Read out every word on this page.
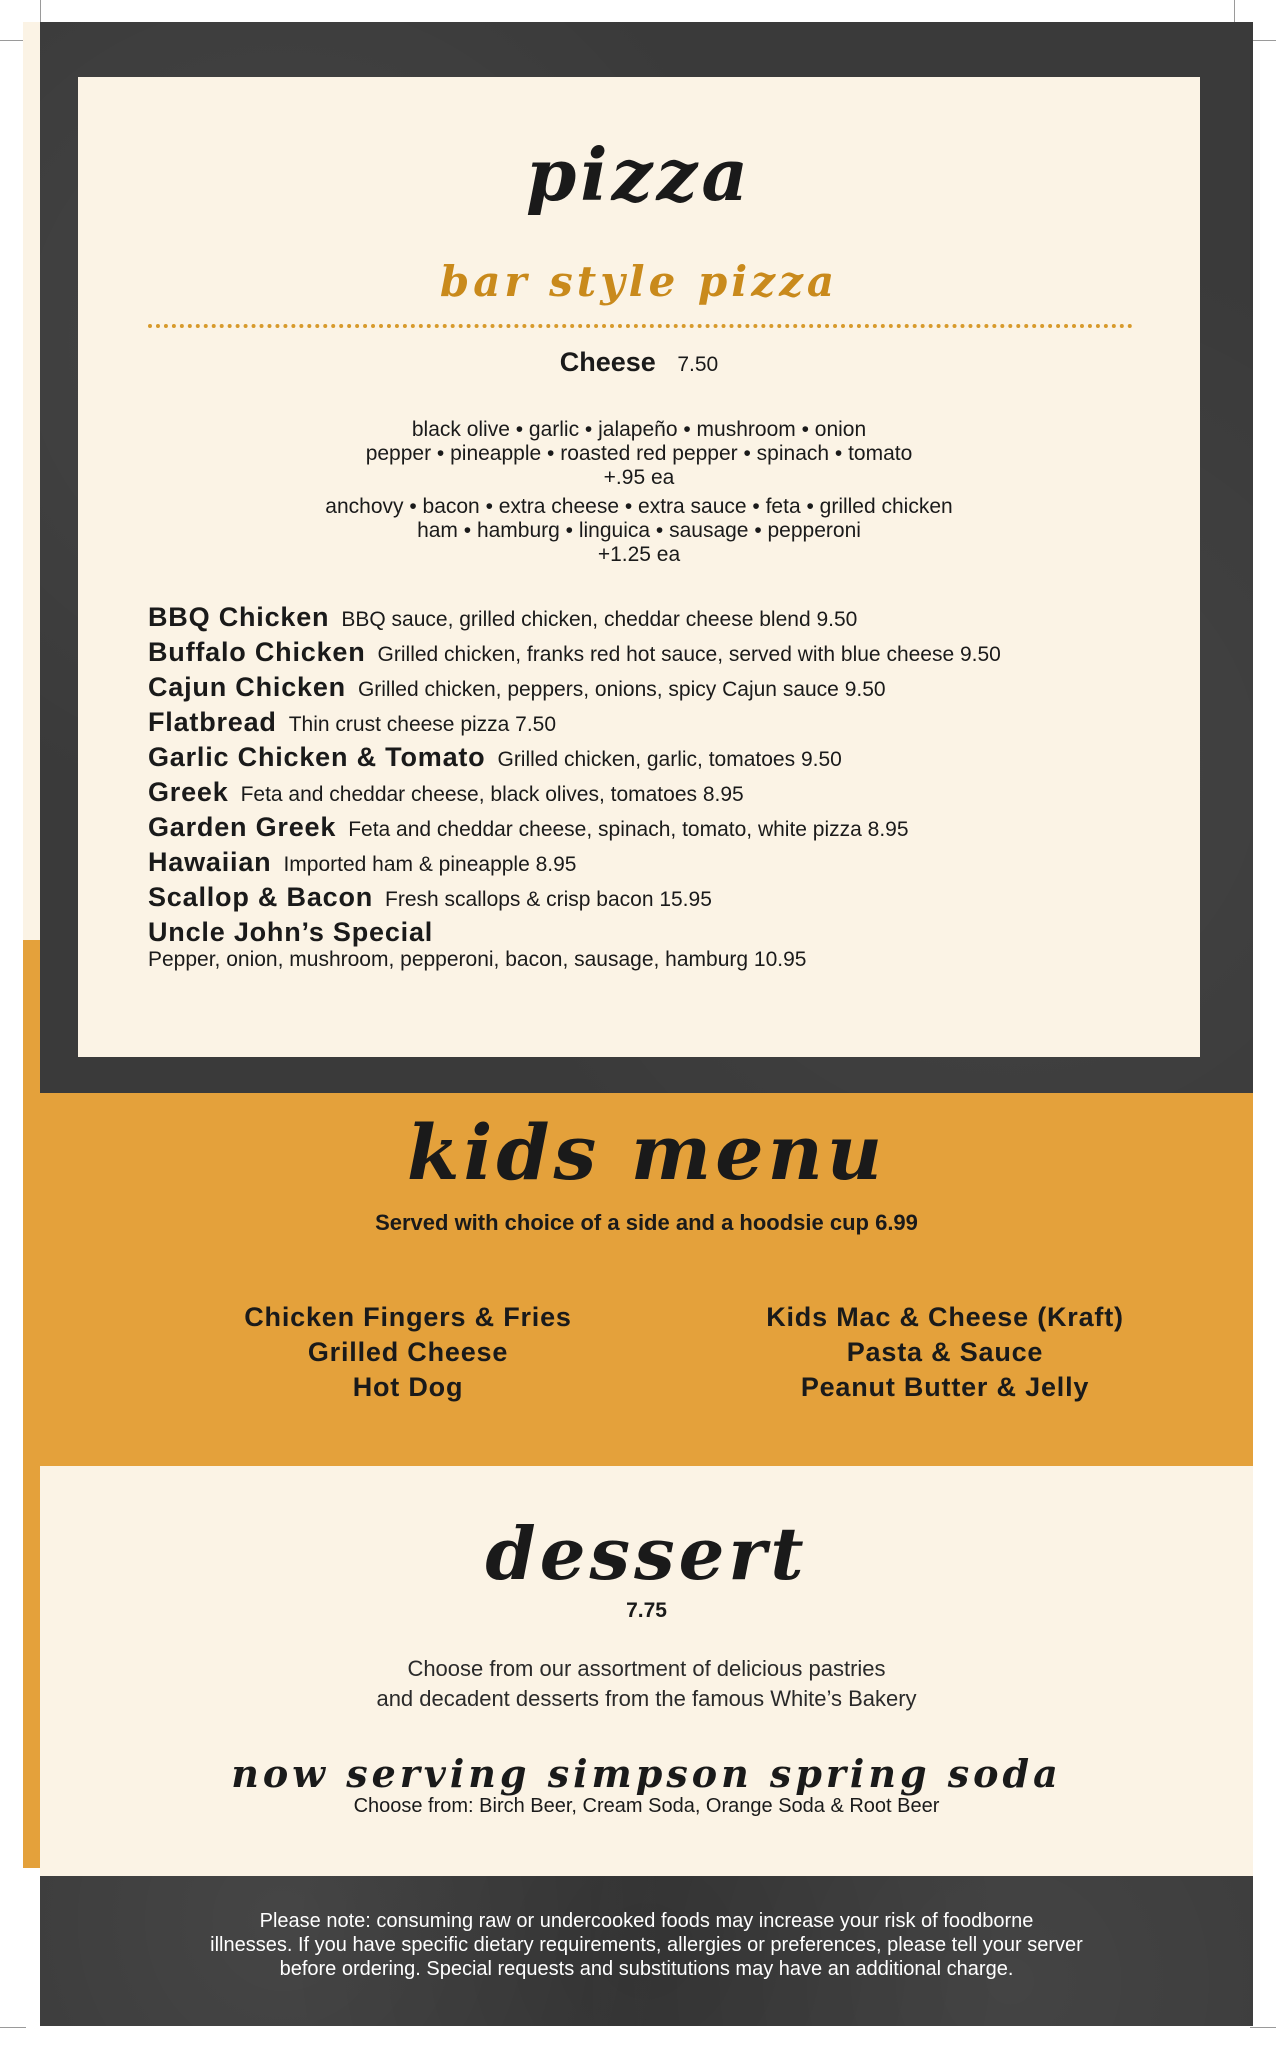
pizza
bar style pizza
Cheese 7.50
black olive • garlic • jalapeño • mushroom • onion
pepper • pineapple • roasted red pepper • spinach • tomato
+.95 ea
anchovy • bacon • extra cheese • extra sauce • feta • grilled chicken
ham • hamburg • linguica • sausage • pepperoni
+1.25 ea
BBQ Chicken BBQ sauce, grilled chicken, cheddar cheese blend 9.50
Buffalo Chicken Grilled chicken, franks red hot sauce, served with blue cheese 9.50
Cajun Chicken Grilled chicken, peppers, onions, spicy Cajun sauce 9.50
Flatbread Thin crust cheese pizza 7.50
Garlic Chicken & Tomato Grilled chicken, garlic, tomatoes 9.50
Greek Feta and cheddar cheese, black olives, tomatoes 8.95
Garden Greek Feta and cheddar cheese, spinach, tomato, white pizza 8.95
Hawaiian Imported ham & pineapple 8.95
Scallop & Bacon Fresh scallops & crisp bacon 15.95
Uncle John’s Special
Pepper, onion, mushroom, pepperoni, bacon, sausage, hamburg 10.95
kids menu
Served with choice of a side and a hoodsie cup 6.99
Chicken Fingers & Fries
Grilled Cheese
Hot Dog
Kids Mac & Cheese (Kraft)
Pasta & Sauce
Peanut Butter & Jelly
dessert
7.75
Choose from our assortment of delicious pastries
and decadent desserts from the famous White’s Bakery
now serving simpson spring soda
Choose from: Birch Beer, Cream Soda, Orange Soda & Root Beer
Please note: consuming raw or undercooked foods may increase your risk of foodborne
illnesses. If you have specific dietary requirements, allergies or preferences, please tell your server
before ordering. Special requests and substitutions may have an additional charge.
